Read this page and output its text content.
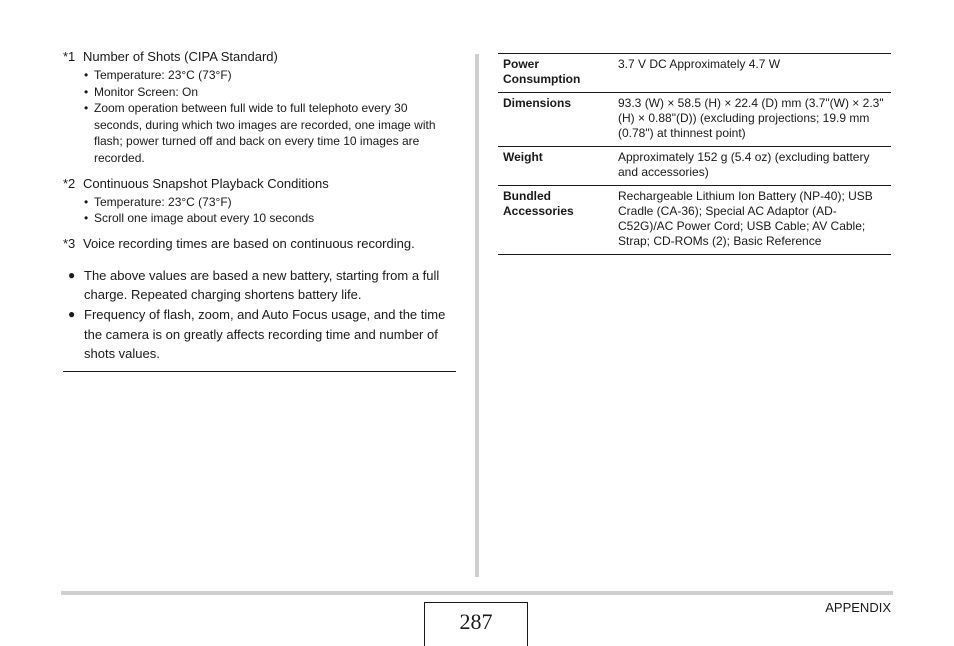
*1 Number of Shots (CIPA Standard)
• Temperature: 23°C (73°F)
• Monitor Screen: On
• Zoom operation between full wide to full telephoto every 30 seconds, during which two images are recorded, one image with flash; power turned off and back on every time 10 images are recorded.
*2 Continuous Snapshot Playback Conditions
• Temperature: 23°C (73°F)
• Scroll one image about every 10 seconds
*3 Voice recording times are based on continuous recording.
● The above values are based a new battery, starting from a full charge. Repeated charging shortens battery life.
● Frequency of flash, zoom, and Auto Focus usage, and the time the camera is on greatly affects recording time and number of shots values.
Power Consumption	3.7 V DC Approximately 4.7 W
Dimensions	93.3 (W) × 58.5 (H) × 22.4 (D) mm (3.7"(W) × 2.3"(H) × 0.88"(D)) (excluding projections; 19.9 mm (0.78") at thinnest point)
Weight	Approximately 152 g (5.4 oz) (excluding battery and accessories)
Bundled Accessories	Rechargeable Lithium Ion Battery (NP-40); USB Cradle (CA-36); Special AC Adaptor (AD-C52G)/AC Power Cord; USB Cable; AV Cable; Strap; CD-ROMs (2); Basic Reference
287
APPENDIX
